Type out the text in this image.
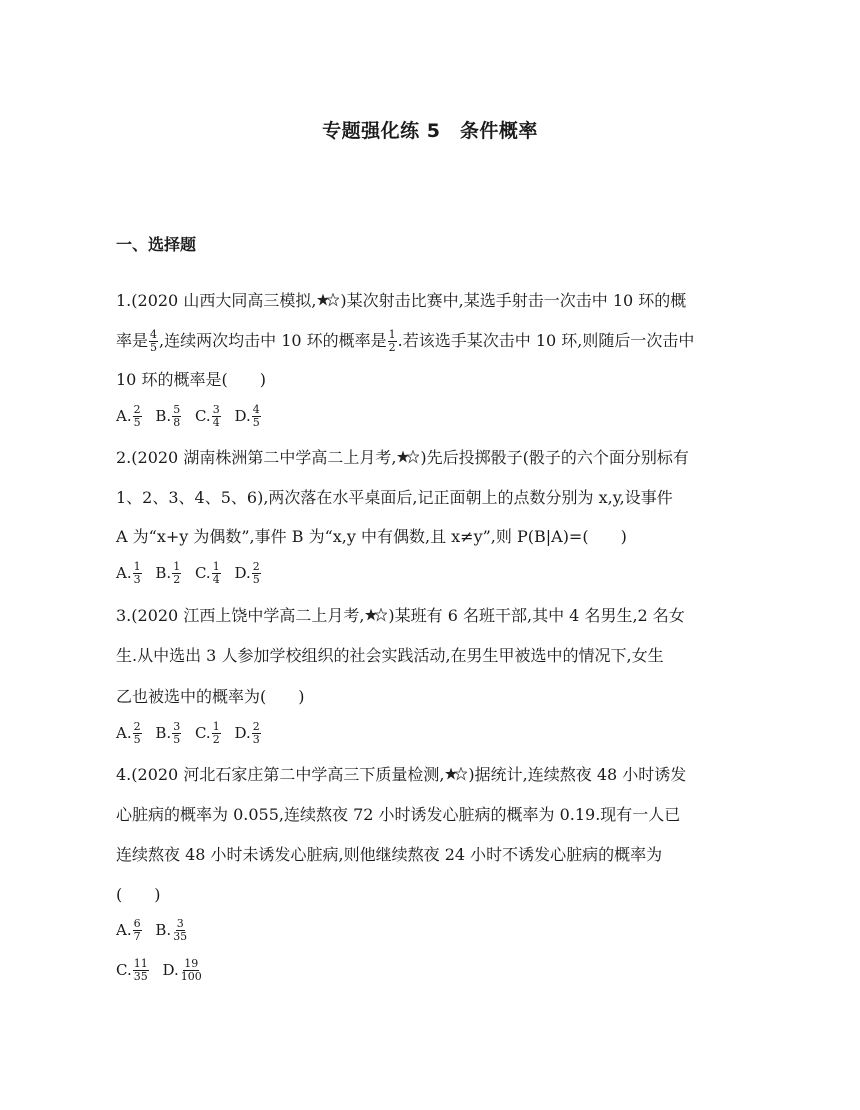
专题强化练 5　条件概率
一、选择题
1.(2020 山西大同高三模拟, )某次射击比赛中,某选手射击一次击中 10 环的概
率是 $\frac{4}{5}$ ,连续两次均击中 10 环的概率是 $\frac{1}{2}$ .若该选手某次击中 10 环,则随后一次击中
10 环的概率是(　　)
A. $\frac{2}{5} B$. $\frac{5}{8} C$. $\frac{3}{4} D$. $\frac{4}{5}$
2.(2020 湖南株洲第二中学高二上月考, )先后投掷骰子(骰子的六个面分别标有
1、2、3、4、5、6),两次落在水平桌面后,记正面朝上的点数分别为 x,y,设事件
A 为“x+y 为偶数”,事件 B 为“x,y 中有偶数,且 x≠y”,则 P(B|A)=(　　)
A. $\frac{1}{3} B$. $\frac{1}{2} C$. $\frac{1}{4} D$. $\frac{2}{5}$
3.(2020 江西上饶中学高二上月考, )某班有 6 名班干部,其中 4 名男生,2 名女
生.从中选出 3 人参加学校组织的社会实践活动,在男生甲被选中的情况下,女生
乙也被选中的概率为(　　)
A. $\frac{2}{5} B$. $\frac{3}{5} C$. $\frac{1}{2} D$. $\frac{2}{3}$
4.(2020 河北石家庄第二中学高三下质量检测, )据统计,连续熬夜 48 小时诱发
心脏病的概率为 0.055,连续熬夜 72 小时诱发心脏病的概率为 0.19.现有一人已
连续熬夜 48 小时未诱发心脏病,则他继续熬夜 24 小时不诱发心脏病的概率为
(　　)
A. $\frac{6}{7} B$. $\frac{3}{35}$
C. $\frac{11}{35} D$. $\frac{19}{100}$
